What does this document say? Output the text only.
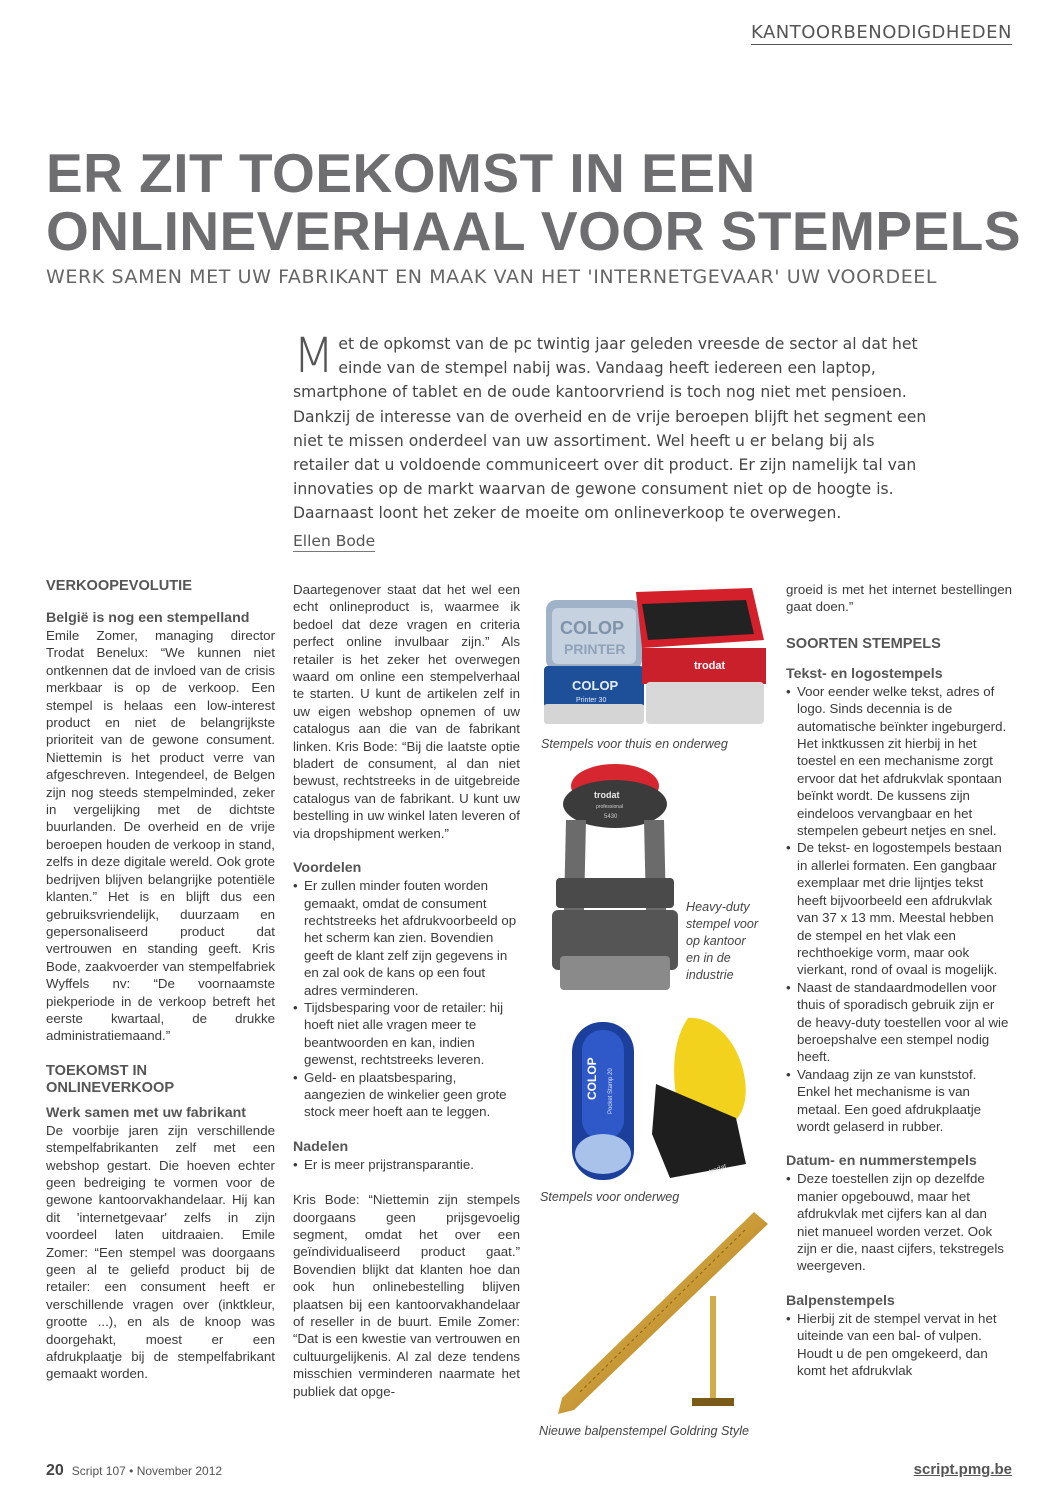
KANTOORBENODIGDHEDEN
ER ZIT TOEKOMST IN EEN
ONLINEVERHAAL VOOR STEMPELS
WERK SAMEN MET UW FABRIKANT EN MAAK VAN HET 'INTERNETGEVAAR' UW VOORDEEL
Met de opkomst van de pc twintig jaar geleden vreesde de sector al dat het einde van de stempel nabij was. Vandaag heeft iedereen een laptop, smartphone of tablet en de oude kantoorvriend is toch nog niet met pensioen. Dankzij de interesse van de overheid en de vrije beroepen blijft het segment een niet te missen onderdeel van uw assortiment. Wel heeft u er belang bij als retailer dat u voldoende communiceert over dit product. Er zijn namelijk tal van innovaties op de markt waarvan de gewone consument niet op de hoogte is. Daarnaast loont het zeker de moeite om onlineverkoop te overwegen.
Ellen Bode
VERKOOPEVOLUTIE
België is nog een stempelland

Emile Zomer, managing director Trodat Benelux: “We kunnen niet ontkennen dat de invloed van de crisis merkbaar is op de verkoop. Een stempel is helaas een low-interest product en niet de belangrijkste prioriteit van de gewone consument. Niettemin is het product verre van afgeschreven. Integendeel, de Belgen zijn nog steeds stempelminded, zeker in vergelijking met de dichtste buurlanden. De overheid en de vrije beroepen houden de verkoop in stand, zelfs in deze digitale wereld. Ook grote bedrijven blijven belangrijke potentiële klanten.” Het is en blijft dus een gebruiksvriendelijk, duurzaam en gepersonaliseerd product dat vertrouwen en standing geeft. Kris Bode, zaakvoerder van stempelfabriek Wyffels nv: “De voornaamste piekperiode in de verkoop betreft het eerste kwartaal, de drukke administratiemaand.”

TOEKOMST IN
ONLINEVERKOOP
Werk samen met uw fabrikant

De voorbije jaren zijn verschillende stempelfabrikanten zelf met een webshop gestart. Die hoeven echter geen bedreiging te vormen voor de gewone kantoorvakhandelaar. Hij kan dit 'internetgevaar' zelfs in zijn voordeel laten uitdraaien. Emile Zomer: “Een stempel was doorgaans geen al te geliefd product bij de retailer: een consument heeft er verschillende vragen over (inktkleur, grootte ...), en als de knoop was doorgehakt, moest er een afdrukplaatje bij de stempelfabrikant gemaakt worden.

Daartegenover staat dat het wel een echt onlineproduct is, waarmee ik bedoel dat deze vragen en criteria perfect online invulbaar zijn.” Als retailer is het zeker het overwegen waard om online een stempelverhaal te starten. U kunt de artikelen zelf in uw eigen webshop opnemen of uw catalogus aan die van de fabrikant linken. Kris Bode: “Bij die laatste optie bladert de consument, al dan niet bewust, rechtstreeks in de uitgebreide catalogus van de fabrikant. U kunt uw bestelling in uw winkel laten leveren of via dropshipment werken.”

Voordelen
• Er zullen minder fouten worden gemaakt, omdat de consument rechtstreeks het afdrukvoorbeeld op het scherm kan zien. Bovendien geeft de klant zelf zijn gegevens in en zal ook de kans op een fout adres verminderen.
• Tijdsbesparing voor de retailer: hij hoeft niet alle vragen meer te beantwoorden en kan, indien gewenst, rechtstreeks leveren.
• Geld- en plaatsbesparing, aangezien de winkelier geen grote stock meer hoeft aan te leggen.
Nadelen
• Er is meer prijstransparantie.

Kris Bode: “Niettemin zijn stempels doorgaans geen prijsgevoelig segment, omdat het over een geïndividualiseerd product gaat.” Bovendien blijkt dat klanten hoe dan ook hun onlinebestelling blijven plaatsen bij een kantoorvakhandelaar of reseller in de buurt. Emile Zomer: “Dat is een kwestie van vertrouwen en cultuurgelijkenis. Al zal deze tendens misschien verminderen naarmate het publiek dat opge-

COLOP
PRINTER
COLOP
Printer 30
trodat
Stempels voor thuis en onderweg
trodat
professional
5430
Heavy-duty
stempel voor
op kantoor
en in de
industrie
COLOP Pocket Stamp 20
trodat
Stempels voor onderweg
Nieuwe balpenstempel Goldring Style

groeid is met het internet bestellingen gaat doen.”

SOORTEN STEMPELS
Tekst- en logostempels
• Voor eender welke tekst, adres of logo. Sinds decennia is de automatische beïnkter ingeburgerd. Het inktkussen zit hierbij in het toestel en een mechanisme zorgt ervoor dat het afdrukvlak spontaan beïnkt wordt. De kussens zijn eindeloos vervangbaar en het stempelen gebeurt netjes en snel.
• De tekst- en logostempels bestaan in allerlei formaten. Een gangbaar exemplaar met drie lijntjes tekst heeft bijvoorbeeld een afdrukvlak van 37 x 13 mm. Meestal hebben de stempel en het vlak een rechthoekige vorm, maar ook vierkant, rond of ovaal is mogelijk.
• Naast de standaardmodellen voor thuis of sporadisch gebruik zijn er de heavy-duty toestellen voor al wie beroepshalve een stempel nodig heeft.
• Vandaag zijn ze van kunststof. Enkel het mechanisme is van metaal. Een goed afdrukplaatje wordt gelaserd in rubber.
Datum- en nummerstempels
• Deze toestellen zijn op dezelfde manier opgebouwd, maar het afdrukvlak met cijfers kan al dan niet manueel worden verzet. Ook zijn er die, naast cijfers, tekstregels weergeven.
Balpenstempels
• Hierbij zit de stempel vervat in het uiteinde van een bal- of vulpen. Houdt u de pen omgekeerd, dan komt het afdrukvlak
20 Script 107 • November 2012	script.pmg.be
